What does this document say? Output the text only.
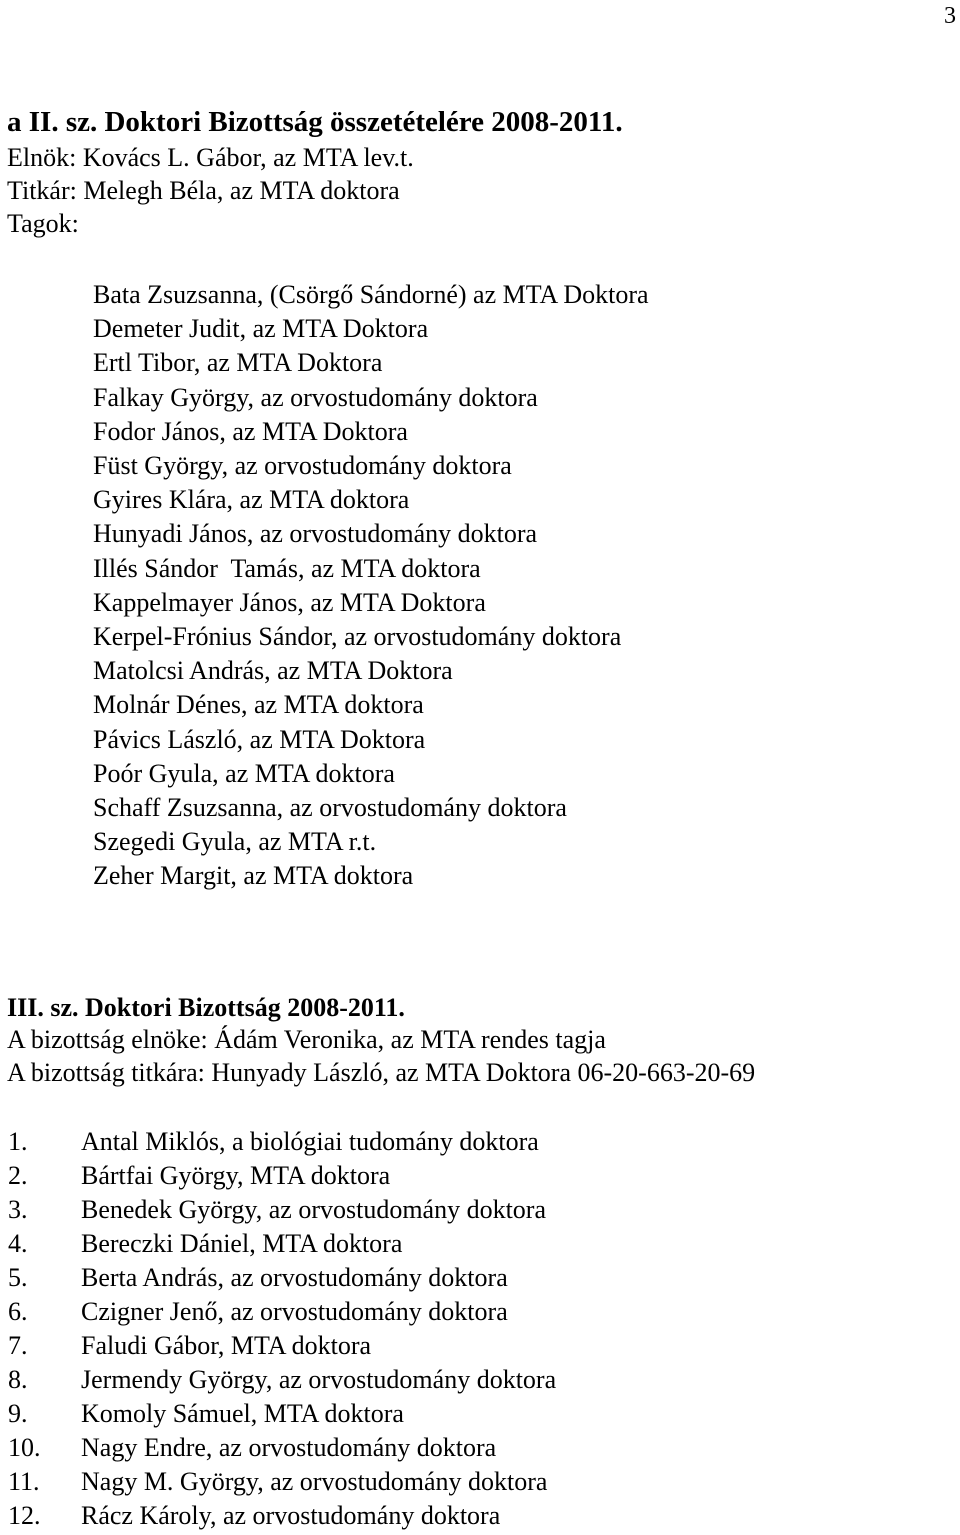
3
a II. sz. Doktori Bizottság összetételére 2008-2011.
Elnök: Kovács L. Gábor, az MTA lev.t.
Titkár: Melegh Béla, az MTA doktora
Tagok:
Bata Zsuzsanna, (Csörgő Sándorné) az MTA Doktora
Demeter Judit, az MTA Doktora
Ertl Tibor, az MTA Doktora
Falkay György, az orvostudomány doktora
Fodor János, az MTA Doktora
Füst György, az orvostudomány doktora
Gyires Klára, az MTA doktora
Hunyadi János, az orvostudomány doktora
Illés Sándor  Tamás, az MTA doktora
Kappelmayer János, az MTA Doktora
Kerpel-Frónius Sándor, az orvostudomány doktora
Matolcsi András, az MTA Doktora
Molnár Dénes, az MTA doktora
Pávics László, az MTA Doktora
Poór Gyula, az MTA doktora
Schaff Zsuzsanna, az orvostudomány doktora
Szegedi Gyula, az MTA r.t.
Zeher Margit, az MTA doktora
III. sz. Doktori Bizottság 2008-2011.
A bizottság elnöke: Ádám Veronika, az MTA rendes tagja
A bizottság titkára: Hunyady László, az MTA Doktora 06-20-663-20-69
1.	Antal Miklós, a biológiai tudomány doktora
2.	Bártfai György, MTA doktora
3.	Benedek György, az orvostudomány doktora
4.	Bereczki Dániel, MTA doktora
5.	Berta András, az orvostudomány doktora
6.	Czigner Jenő, az orvostudomány doktora
7.	Faludi Gábor, MTA doktora
8.	Jermendy György, az orvostudomány doktora
9.	Komoly Sámuel, MTA doktora
10.	Nagy Endre, az orvostudomány doktora
11.	Nagy M. György, az orvostudomány doktora
12.	Rácz Károly, az orvostudomány doktora
